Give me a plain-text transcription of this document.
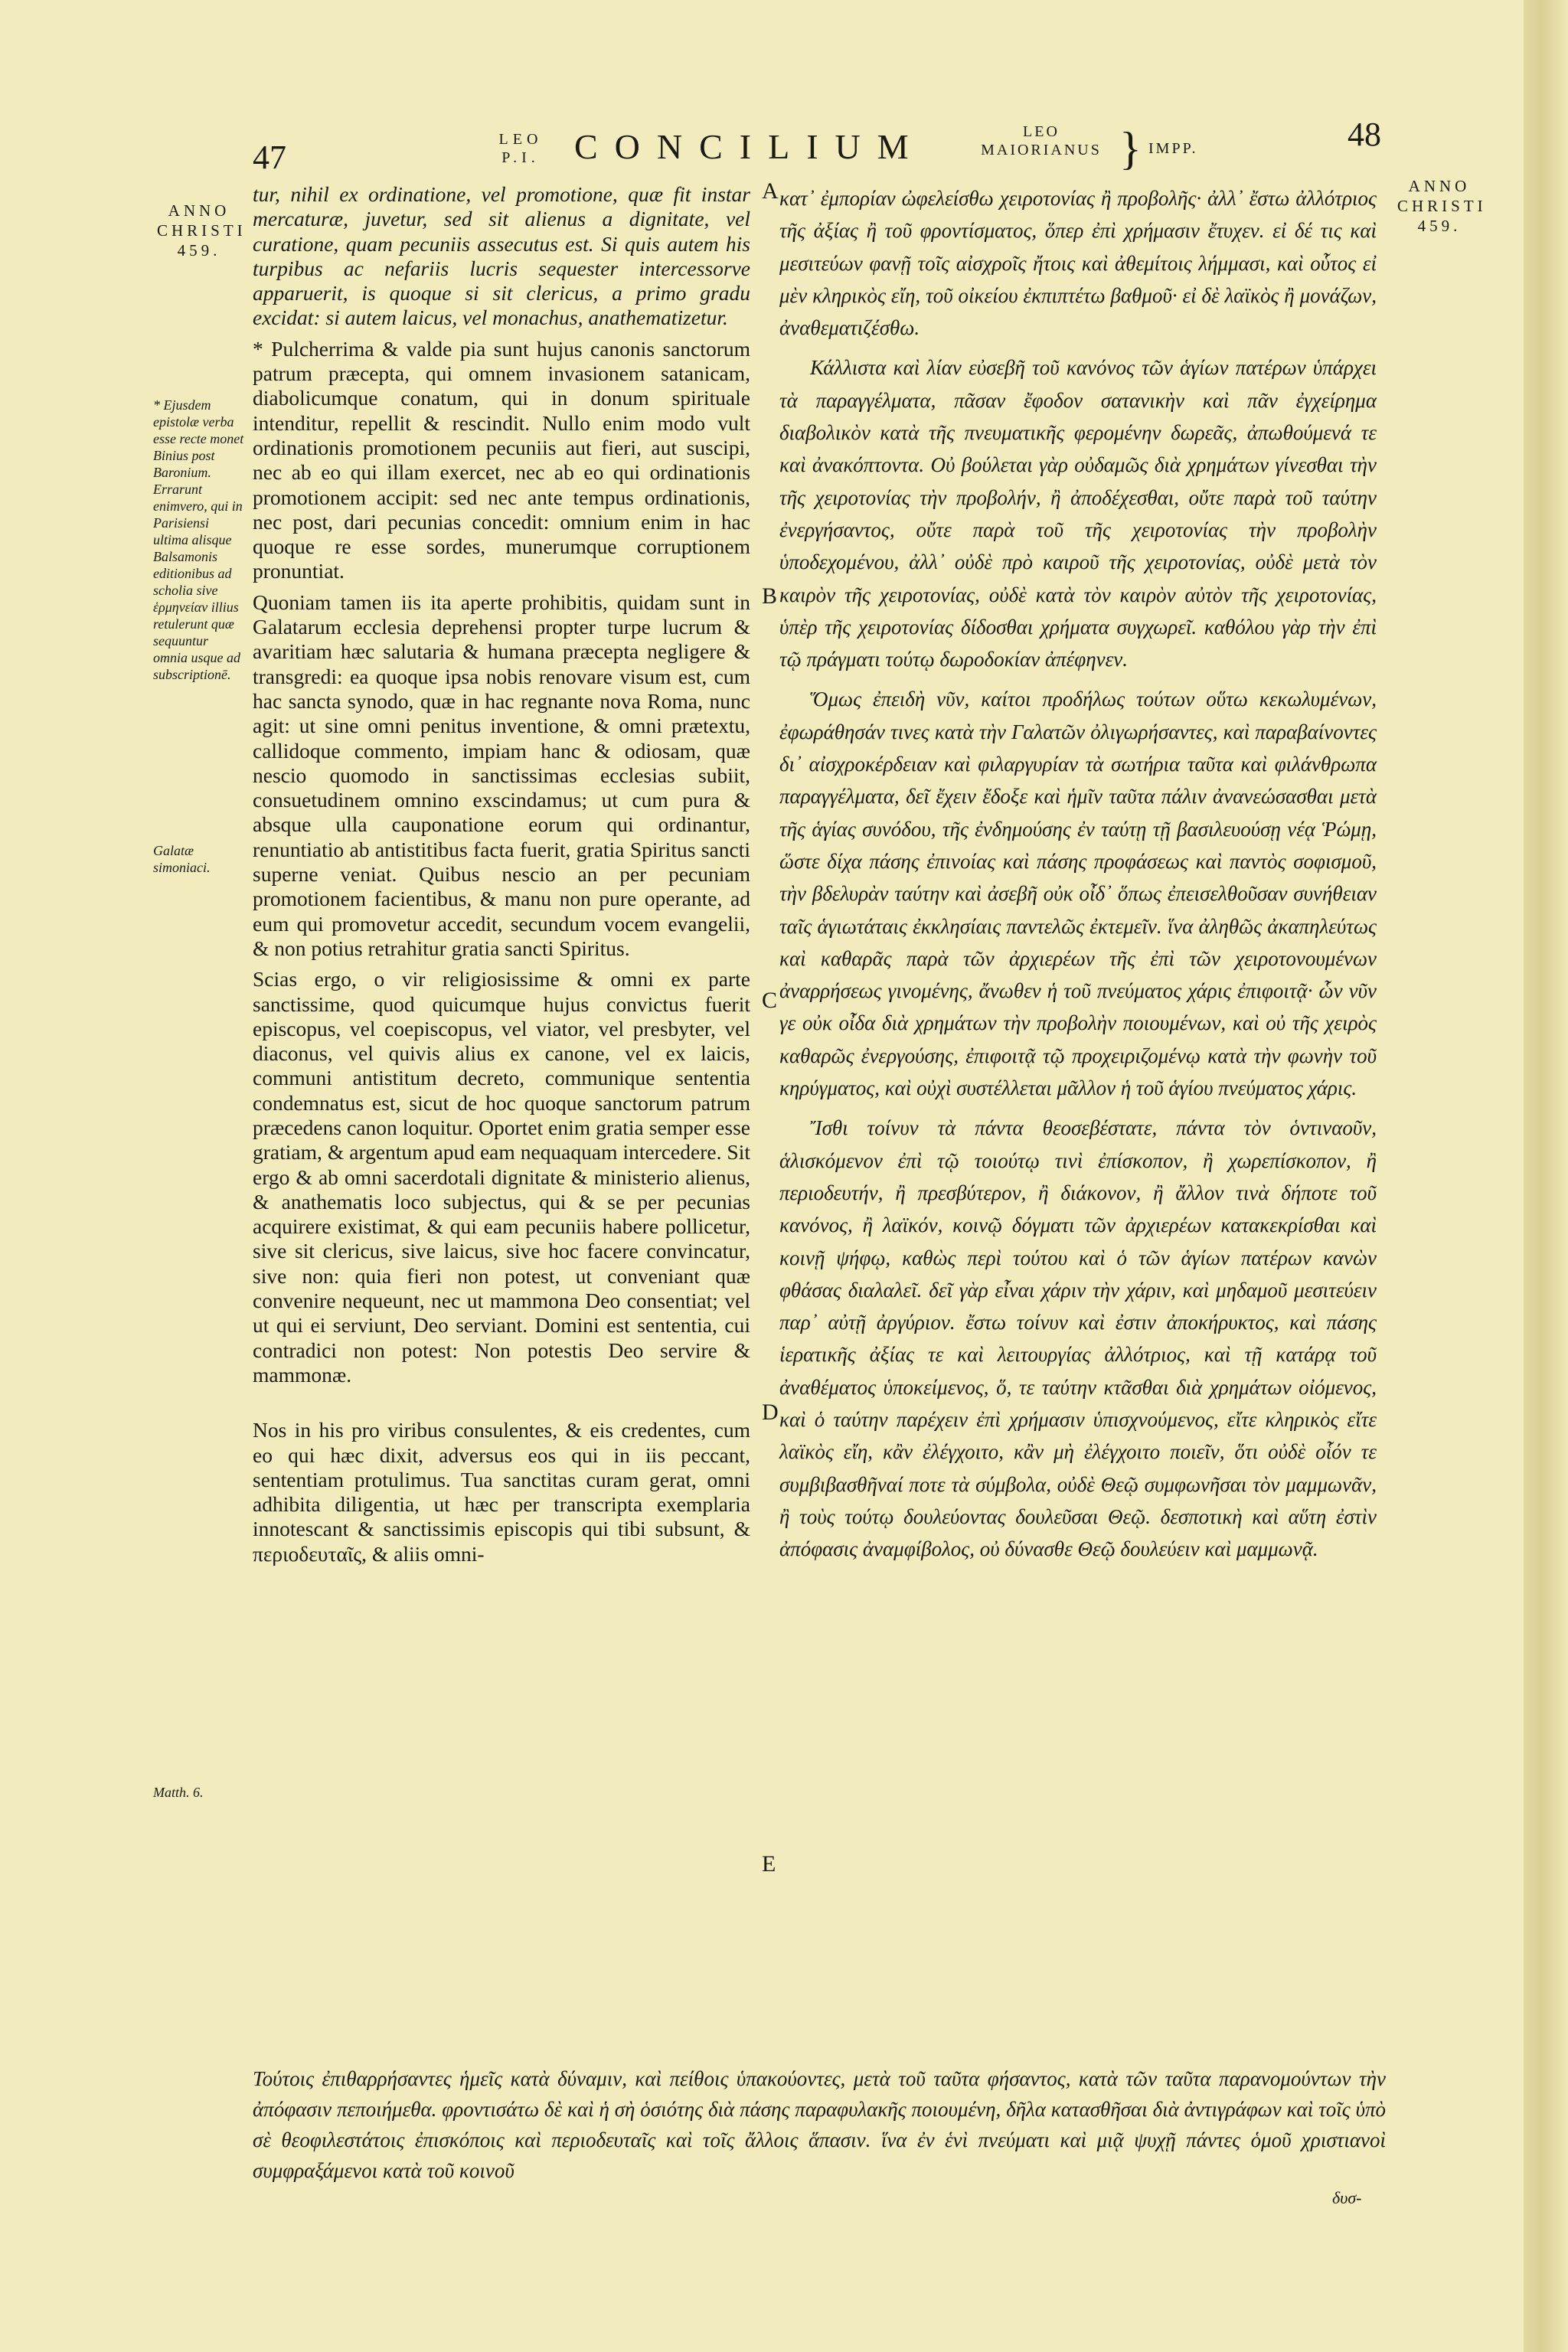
47	LEO
P.I. CONCILIUM	LEO
MAIORIANUS } IMPP.	48
ANNO
CHRISTI
459.
* Ejusdem epistolæ verba esse recte monet Binius post Baronium. Errarunt enimvero, qui in Parisiensi ultima alisque Balsamonis editionibus ad scholia sive ἑρμηνείαν illius retulerunt quæ sequuntur omnia usque ad subscriptionē.
Galatæ simoniaci.
Matth. 6.
ANNO
CHRISTI
459.
A
B
C
D
E

tur, nihil ex ordinatione, vel promotione, quæ fit instar mercaturæ, juvetur, sed sit alienus a dignitate, vel curatione, quam pecuniis assecutus est. Si quis autem his turpibus ac nefariis lucris sequester intercessorve apparuerit, is quoque si sit clericus, a primo gradu excidat: si autem laicus, vel monachus, anathematizetur.

* Pulcherrima & valde pia sunt hujus canonis sanctorum patrum præcepta, qui omnem invasionem satanicam, diabolicumque conatum, qui in donum spirituale intenditur, repellit & rescindit. Nullo enim modo vult ordinationis promotionem pecuniis aut fieri, aut suscipi, nec ab eo qui illam exercet, nec ab eo qui ordinationis promotionem accipit: sed nec ante tempus ordinationis, nec post, dari pecunias concedit: omnium enim in hac quoque re esse sordes, munerumque corruptionem pronuntiat.

Quoniam tamen iis ita aperte prohibitis, quidam sunt in Galatarum ecclesia deprehensi propter turpe lucrum & avaritiam hæc salutaria & humana præcepta negligere & transgredi: ea quoque ipsa nobis renovare visum est, cum hac sancta synodo, quæ in hac regnante nova Roma, nunc agit: ut sine omni penitus inventione, & omni prætextu, callidoque commento, impiam hanc & odiosam, quæ nescio quomodo in sanctissimas ecclesias subiit, consuetudinem omnino exscindamus; ut cum pura & absque ulla cauponatione eorum qui ordinantur, renuntiatio ab antistitibus facta fuerit, gratia Spiritus sancti superne veniat. Quibus nescio an per pecuniam promotionem facientibus, & manu non pure operante, ad eum qui promovetur accedit, secundum vocem evangelii, & non potius retrahitur gratia sancti Spiritus.

Scias ergo, o vir religiosissime & omni ex parte sanctissime, quod quicumque hujus convictus fuerit episcopus, vel coepiscopus, vel viator, vel presbyter, vel diaconus, vel quivis alius ex canone, vel ex laicis, communi antistitum decreto, communique sententia condemnatus est, sicut de hoc quoque sanctorum patrum præcedens canon loquitur. Oportet enim gratia semper esse gratiam, & argentum apud eam nequaquam intercedere. Sit ergo & ab omni sacerdotali dignitate & ministerio alienus, & anathematis loco subjectus, qui & se per pecunias acquirere existimat, & qui eam pecuniis habere pollicetur, sive sit clericus, sive laicus, sive hoc facere convincatur, sive non: quia fieri non potest, ut conveniant quæ convenire nequeunt, nec ut mammona Deo consentiat; vel ut qui ei serviunt, Deo serviant. Domini est sententia, cui contradici non potest: Non potestis Deo servire & mammonæ.

Nos in his pro viribus consulentes, & eis credentes, cum eo qui hæc dixit, adversus eos qui in iis peccant, sententiam protulimus. Tua sanctitas curam gerat, omni adhibita diligentia, ut hæc per transcripta exemplaria innotescant & sanctissimis episcopis qui tibi subsunt, & περιοδευταῖς, & aliis omni-

κατ᾽ ἐμπορίαν ὠφελείσθω χειροτονίας ἢ προβολῆς· ἀλλ᾽ ἔστω ἀλλότριος τῆς ἀξίας ἢ τοῦ φροντίσματος, ὅπερ ἐπὶ χρήμασιν ἔτυχεν. εἰ δέ τις καὶ μεσιτεύων φανῇ τοῖς αἰσχροῖς ἤτοις καὶ ἀθεμίτοις λήμμασι, καὶ οὗτος εἰ μὲν κληρικὸς εἴη, τοῦ οἰκείου ἐκπιπτέτω βαθμοῦ· εἰ δὲ λαϊκὸς ἢ μονάζων, ἀναθεματιζέσθω.

Κάλλιστα καὶ λίαν εὐσεβῆ τοῦ κανόνος τῶν ἁγίων πατέρων ὑπάρχει τὰ παραγγέλματα, πᾶσαν ἔφοδον σατανικὴν καὶ πᾶν ἐγχείρημα διαβολικὸν κατὰ τῆς πνευματικῆς φερομένην δωρεᾶς, ἀπωθούμενά τε καὶ ἀνακόπτοντα. Οὐ βούλεται γὰρ οὐδαμῶς διὰ χρημάτων γίνεσθαι τὴν τῆς χειροτονίας τὴν προβολήν, ἢ ἀποδέχεσθαι, οὔτε παρὰ τοῦ ταύτην ἐνεργήσαντος, οὔτε παρὰ τοῦ τῆς χειροτονίας τὴν προβολὴν ὑποδεχομένου, ἀλλ᾽ οὐδὲ πρὸ καιροῦ τῆς χειροτονίας, οὐδὲ μετὰ τὸν καιρὸν τῆς χειροτονίας, οὐδὲ κατὰ τὸν καιρὸν αὐτὸν τῆς χειροτονίας, ὑπὲρ τῆς χειροτονίας δίδοσθαι χρήματα συγχωρεῖ. καθόλου γὰρ τὴν ἐπὶ τῷ πράγματι τούτῳ δωροδοκίαν ἀπέφηνεν.

Ὅμως ἐπειδὴ νῦν, καίτοι προδήλως τούτων οὕτω κεκωλυμένων, ἐφωράθησάν τινες κατὰ τὴν Γαλατῶν ὀλιγωρήσαντες, καὶ παραβαίνοντες δι᾽ αἰσχροκέρδειαν καὶ φιλαργυρίαν τὰ σωτήρια ταῦτα καὶ φιλάνθρωπα παραγγέλματα, δεῖ ἔχειν ἔδοξε καὶ ἡμῖν ταῦτα πάλιν ἀνανεώσασθαι μετὰ τῆς ἁγίας συνόδου, τῆς ἐνδημούσης ἐν ταύτῃ τῇ βασιλευούσῃ νέᾳ Ῥώμῃ, ὥστε δίχα πάσης ἐπινοίας καὶ πάσης προφάσεως καὶ παντὸς σοφισμοῦ, τὴν βδελυρὰν ταύτην καὶ ἀσεβῆ οὐκ οἶδ᾽ ὅπως ἐπεισελθοῦσαν συνήθειαν ταῖς ἁγιωτάταις ἐκκλησίαις παντελῶς ἐκτεμεῖν. ἵνα ἀληθῶς ἀκαπηλεύτως καὶ καθαρᾶς παρὰ τῶν ἀρχιερέων τῆς ἐπὶ τῶν χειροτονουμένων ἀναρρήσεως γινομένης, ἄνωθεν ἡ τοῦ πνεύματος χάρις ἐπιφοιτᾷ· ὧν νῦν γε οὐκ οἶδα διὰ χρημάτων τὴν προβολὴν ποιουμένων, καὶ οὐ τῆς χειρὸς καθαρῶς ἐνεργούσης, ἐπιφοιτᾷ τῷ προχειριζομένῳ κατὰ τὴν φωνὴν τοῦ κηρύγματος, καὶ οὐχὶ συστέλλεται μᾶλλον ἡ τοῦ ἁγίου πνεύματος χάρις.

Ἴσθι τοίνυν τὰ πάντα θεοσεβέστατε, πάντα τὸν ὁντιναοῦν, ἁλισκόμενον ἐπὶ τῷ τοιούτῳ τινὶ ἐπίσκοπον, ἢ χωρεπίσκοπον, ἢ περιοδευτήν, ἢ πρεσβύτερον, ἢ διάκονον, ἢ ἄλλον τινὰ δήποτε τοῦ κανόνος, ἢ λαϊκόν, κοινῷ δόγματι τῶν ἀρχιερέων κατακεκρίσθαι καὶ κοινῇ ψήφῳ, καθὼς περὶ τούτου καὶ ὁ τῶν ἁγίων πατέρων κανὼν φθάσας διαλαλεῖ. δεῖ γὰρ εἶναι χάριν τὴν χάριν, καὶ μηδαμοῦ μεσιτεύειν παρ᾽ αὐτῇ ἀργύριον. ἔστω τοίνυν καὶ ἐστιν ἀποκήρυκτος, καὶ πάσης ἱερατικῆς ἀξίας τε καὶ λειτουργίας ἀλλότριος, καὶ τῇ κατάρᾳ τοῦ ἀναθέματος ὑποκείμενος, ὅ, τε ταύτην κτᾶσθαι διὰ χρημάτων οἰόμενος, καὶ ὁ ταύτην παρέχειν ἐπὶ χρήμασιν ὑπισχνούμενος, εἴτε κληρικὸς εἴτε λαϊκὸς εἴη, κἂν ἐλέγχοιτο, κἂν μὴ ἐλέγχοιτο ποιεῖν, ὅτι οὐδὲ οἷόν τε συμβιβασθῆναί ποτε τὰ σύμβολα, οὐδὲ Θεῷ συμφωνῆσαι τὸν μαμμωνᾶν, ἢ τοὺς τούτῳ δουλεύοντας δουλεῦσαι Θεῷ. δεσποτικὴ καὶ αὕτη ἐστὶν ἀπόφασις ἀναμφίβολος, οὐ δύνασθε Θεῷ δουλεύειν καὶ μαμμωνᾷ.

Τούτοις ἐπιθαρρήσαντες ἡμεῖς κατὰ δύναμιν, καὶ πείθοις ὑπακούοντες, μετὰ τοῦ ταῦτα φήσαντος, κατὰ τῶν ταῦτα παρανομούντων τὴν ἀπόφασιν πεποιήμεθα. φροντισάτω δὲ καὶ ἡ σὴ ὁσιότης διὰ πάσης παραφυλακῆς ποιουμένη, δῆλα κατασθῆσαι διὰ ἀντιγράφων καὶ τοῖς ὑπὸ σὲ θεοφιλεστάτοις ἐπισκόποις καὶ περιοδευταῖς καὶ τοῖς ἄλλοις ἅπασιν. ἵνα ἐν ἑνὶ πνεύματι καὶ μιᾷ ψυχῇ πάντες ὁμοῦ χριστιανοὶ συμφραξάμενοι κατὰ τοῦ κοινοῦ
δυσ-
